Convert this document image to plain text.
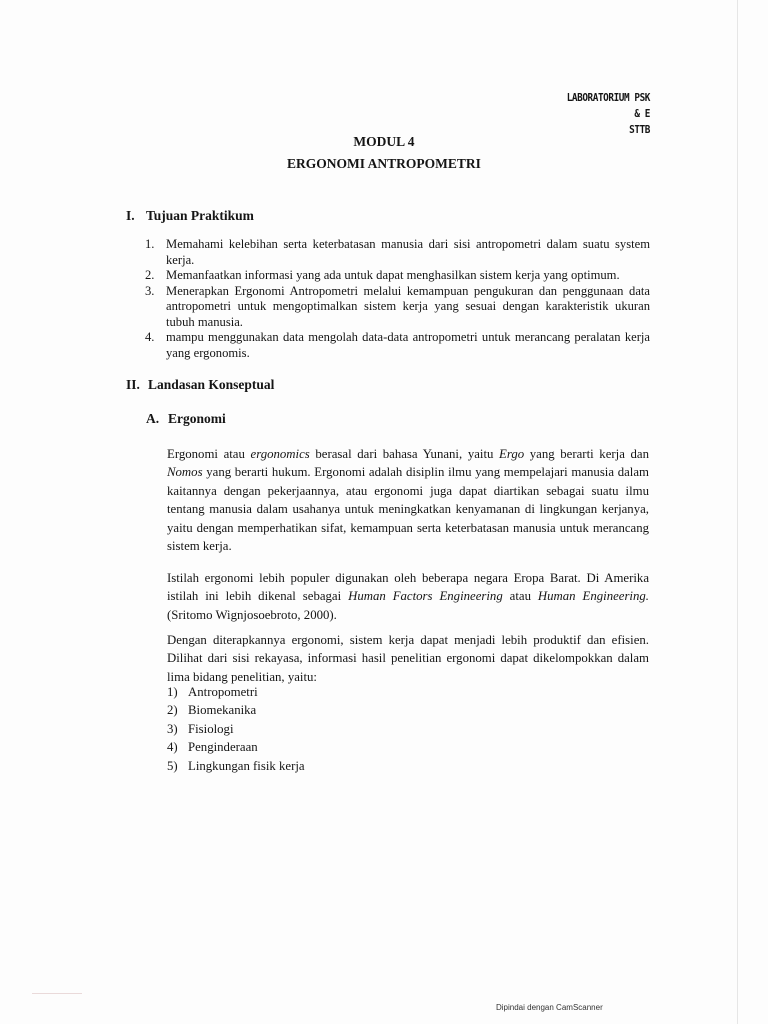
LABORATORIUM PSK & E
STTB
MODUL 4
ERGONOMI ANTROPOMETRI
I. Tujuan Praktikum
1. Memahami kelebihan serta keterbatasan manusia dari sisi antropometri dalam suatu system kerja.
2. Memanfaatkan informasi yang ada untuk dapat menghasilkan sistem kerja yang optimum.
3. Menerapkan Ergonomi Antropometri melalui kemampuan pengukuran dan penggunaan data antropometri untuk mengoptimalkan sistem kerja yang sesuai dengan karakteristik ukuran tubuh manusia.
4. mampu menggunakan data mengolah data-data antropometri untuk merancang peralatan kerja yang ergonomis.
II. Landasan Konseptual
A. Ergonomi

Ergonomi atau ergonomics berasal dari bahasa Yunani, yaitu Ergo yang berarti kerja dan Nomos yang berarti hukum. Ergonomi adalah disiplin ilmu yang mempelajari manusia dalam kaitannya dengan pekerjaannya, atau ergonomi juga dapat diartikan sebagai suatu ilmu tentang manusia dalam usahanya untuk meningkatkan kenyamanan di lingkungan kerjanya, yaitu dengan memperhatikan sifat, kemampuan serta keterbatasan manusia untuk merancang sistem kerja.

Istilah ergonomi lebih populer digunakan oleh beberapa negara Eropa Barat. Di Amerika istilah ini lebih dikenal sebagai Human Factors Engineering atau Human Engineering. (Sritomo Wignjosoebroto, 2000).

Dengan diterapkannya ergonomi, sistem kerja dapat menjadi lebih produktif dan efisien. Dilihat dari sisi rekayasa, informasi hasil penelitian ergonomi dapat dikelompokkan dalam lima bidang penelitian, yaitu:

1) Antropometri
2) Biomekanika
3) Fisiologi
4) Penginderaan
5) Lingkungan fisik kerja
Dipindai dengan CamScanner
